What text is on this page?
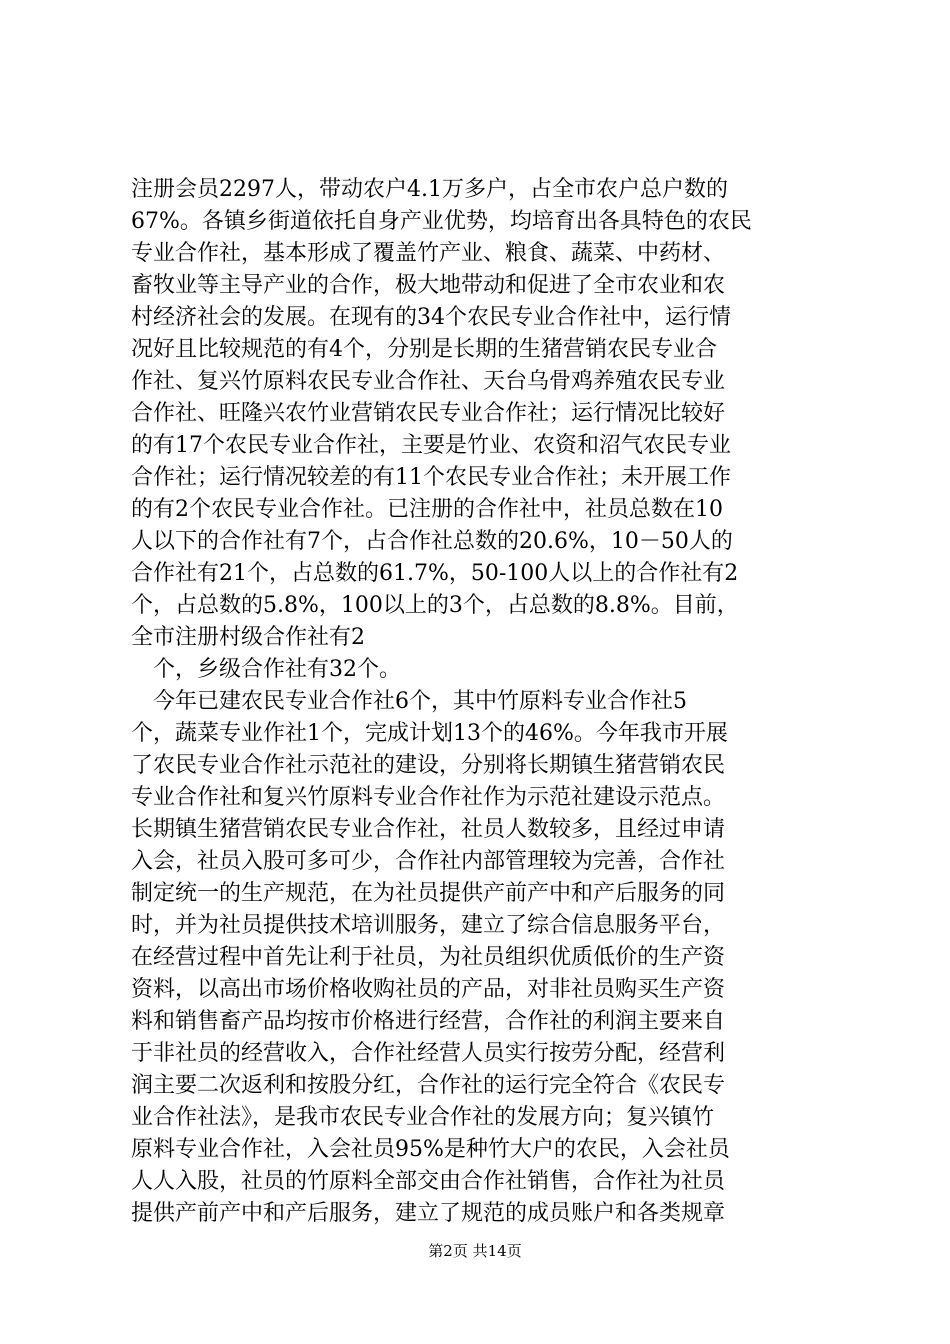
注册会员2297人，带动农户4.1万多户，占全市农户总户数的
67%。各镇乡街道依托自身产业优势，均培育出各具特色的农民
专业合作社，基本形成了覆盖竹产业、粮食、蔬菜、中药材、
畜牧业等主导产业的合作，极大地带动和促进了全市农业和农
村经济社会的发展。在现有的34个农民专业合作社中，运行情
况好且比较规范的有4个，分别是长期的生猪营销农民专业合
作社、复兴竹原料农民专业合作社、天台乌骨鸡养殖农民专业
合作社、旺隆兴农竹业营销农民专业合作社；运行情况比较好
的有17个农民专业合作社，主要是竹业、农资和沼气农民专业
合作社；运行情况较差的有11个农民专业合作社；未开展工作
的有2个农民专业合作社。已注册的合作社中，社员总数在10
人以下的合作社有7个，占合作社总数的20.6%，10－50人的
合作社有21个，占总数的61.7%，50-100人以上的合作社有2
个，占总数的5.8%，100以上的3个，占总数的8.8%。目前，
全市注册村级合作社有2
　个，乡级合作社有32个。
　今年已建农民专业合作社6个，其中竹原料专业合作社5
个，蔬菜专业作社1个，完成计划13个的46%。今年我市开展
了农民专业合作社示范社的建设，分别将长期镇生猪营销农民
专业合作社和复兴竹原料专业合作社作为示范社建设示范点。
长期镇生猪营销农民专业合作社，社员人数较多，且经过申请
入会，社员入股可多可少，合作社内部管理较为完善，合作社
制定统一的生产规范，在为社员提供产前产中和产后服务的同
时，并为社员提供技术培训服务，建立了综合信息服务平台，
在经营过程中首先让利于社员，为社员组织优质低价的生产资
资料，以高出市场价格收购社员的产品，对非社员购买生产资
料和销售畜产品均按市价格进行经营，合作社的利润主要来自
于非社员的经营收入，合作社经营人员实行按劳分配，经营利
润主要二次返利和按股分红，合作社的运行完全符合《农民专
业合作社法》，是我市农民专业合作社的发展方向；复兴镇竹
原料专业合作社，入会社员95%是种竹大户的农民，入会社员
人人入股，社员的竹原料全部交由合作社销售，合作社为社员
提供产前产中和产后服务，建立了规范的成员账户和各类规章
第2页 共14页
